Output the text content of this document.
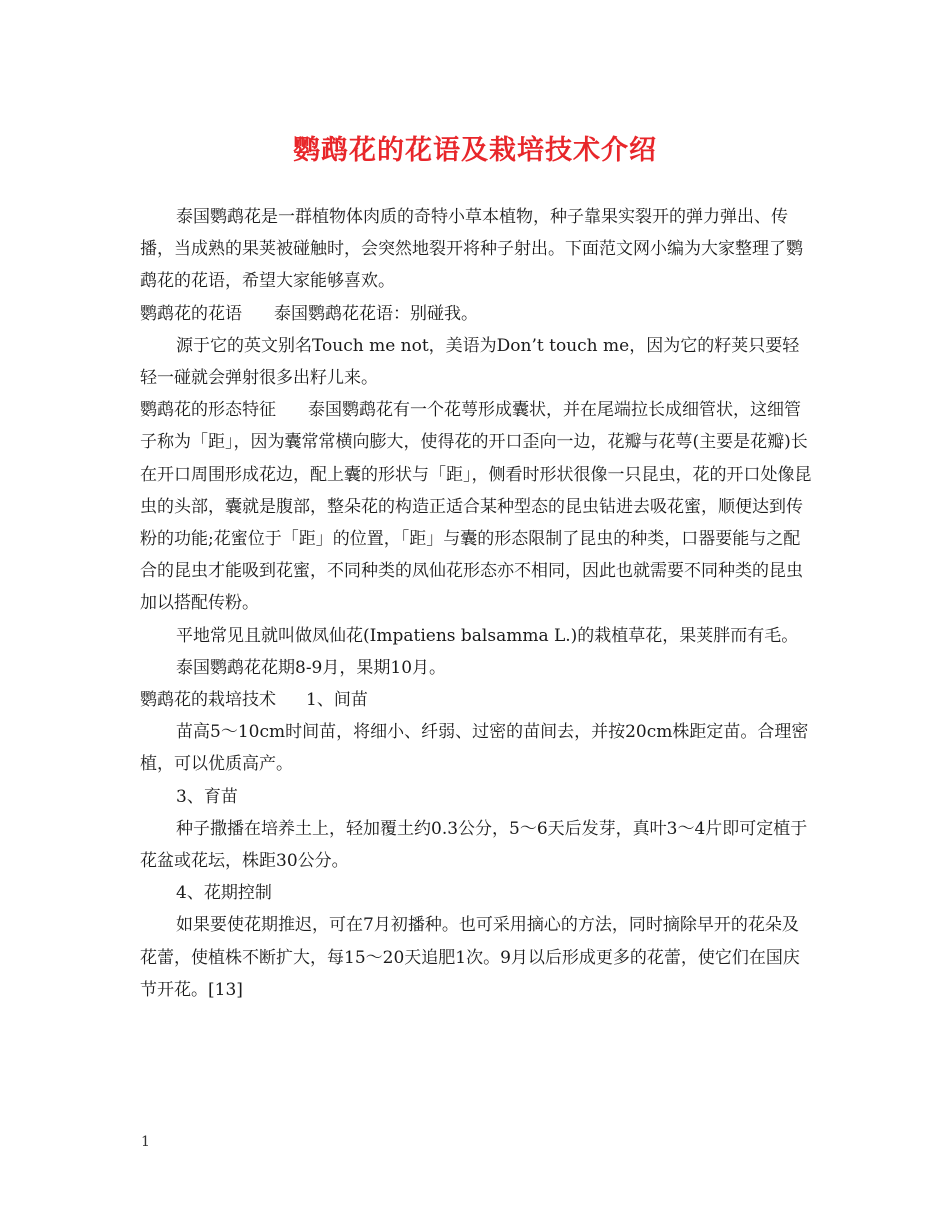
鹦鹉花的花语及栽培技术介绍

泰国鹦鹉花是一群植物体肉质的奇特小草本植物，种子靠果实裂开的弹力弹出、传播，当成熟的果荚被碰触时，会突然地裂开将种子射出。下面范文网小编为大家整理了鹦鹉花的花语，希望大家能够喜欢。

鹦鹉花的花语 泰国鹦鹉花花语：别碰我。

源于它的英文别名Touch me not，美语为Don’t touch me，因为它的籽荚只要轻轻一碰就会弹射很多出籽儿来。

鹦鹉花的形态特征 泰国鹦鹉花有一个花萼形成囊状，并在尾端拉长成细管状，这细管子称为「距」，因为囊常常横向膨大，使得花的开口歪向一边，花瓣与花萼(主要是花瓣)长在开口周围形成花边，配上囊的形状与「距」，侧看时形状很像一只昆虫，花的开口处像昆虫的头部，囊就是腹部，整朵花的构造正适合某种型态的昆虫钻进去吸花蜜，顺便达到传粉的功能;花蜜位于「距」的位置，「距」与囊的形态限制了昆虫的种类，口器要能与之配合的昆虫才能吸到花蜜，不同种类的凤仙花形态亦不相同，因此也就需要不同种类的昆虫加以搭配传粉。

平地常见且就叫做凤仙花(Impatiens balsamma L.)的栽植草花，果荚胖而有毛。

泰国鹦鹉花花期8-9月，果期10月。

鹦鹉花的栽培技术 1、间苗

苗高5～10cm时间苗，将细小、纤弱、过密的苗间去，并按20cm株距定苗。合理密植，可以优质高产。

3、育苗

种子撒播在培养土上，轻加覆土约0.3公分，5～6天后发芽，真叶3～4片即可定植于花盆或花坛，株距30公分。

4、花期控制

如果要使花期推迟，可在7月初播种。也可采用摘心的方法，同时摘除早开的花朵及花蕾，使植株不断扩大，每15～20天追肥1次。9月以后形成更多的花蕾，使它们在国庆节开花。[13]

1
